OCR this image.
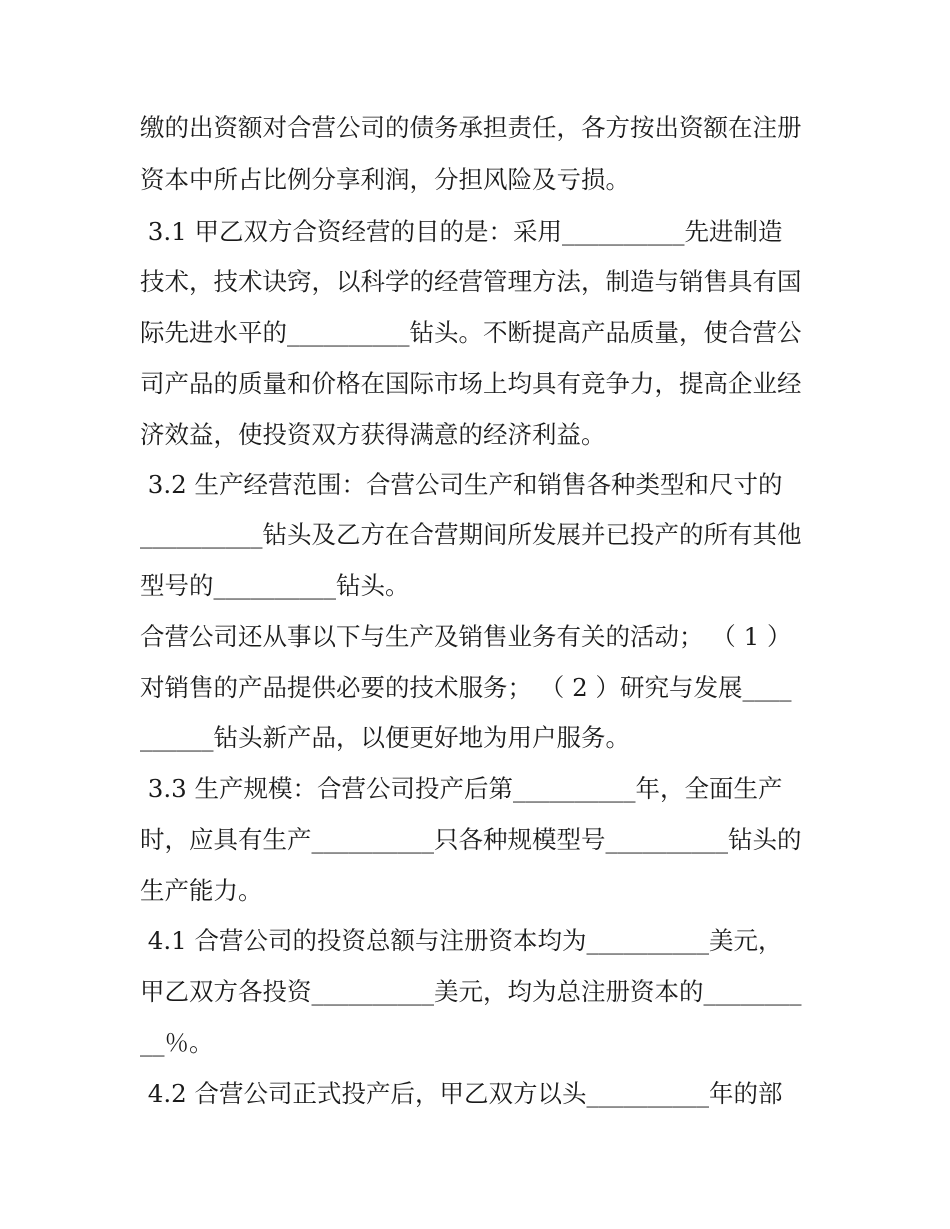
缴的出资额对合营公司的债务承担责任，各方按出资额在注册

资本中所占比例分享利润，分担风险及亏损。

3.1 甲乙双方合资经营的目的是：采用__________先进制造

技术，技术诀窍，以科学的经营管理方法，制造与销售具有国

际先进水平的__________钻头。不断提高产品质量，使合营公

司产品的质量和价格在国际市场上均具有竞争力，提高企业经

济效益，使投资双方获得满意的经济利益。

3.2 生产经营范围：合营公司生产和销售各种类型和尺寸的

__________钻头及乙方在合营期间所发展并已投产的所有其他

型号的__________钻头。

合营公司还从事以下与生产及销售业务有关的活动； （ 1 ）

对销售的产品提供必要的技术服务； （ 2 ）研究与发展____

______钻头新产品，以便更好地为用户服务。

3.3 生产规模：合营公司投产后第__________年，全面生产

时，应具有生产__________只各种规模型号__________钻头的

生产能力。

4.1 合营公司的投资总额与注册资本均为__________美元，

甲乙双方各投资__________美元，均为总注册资本的________

__％。

4.2 合营公司正式投产后，甲乙双方以头__________年的部
